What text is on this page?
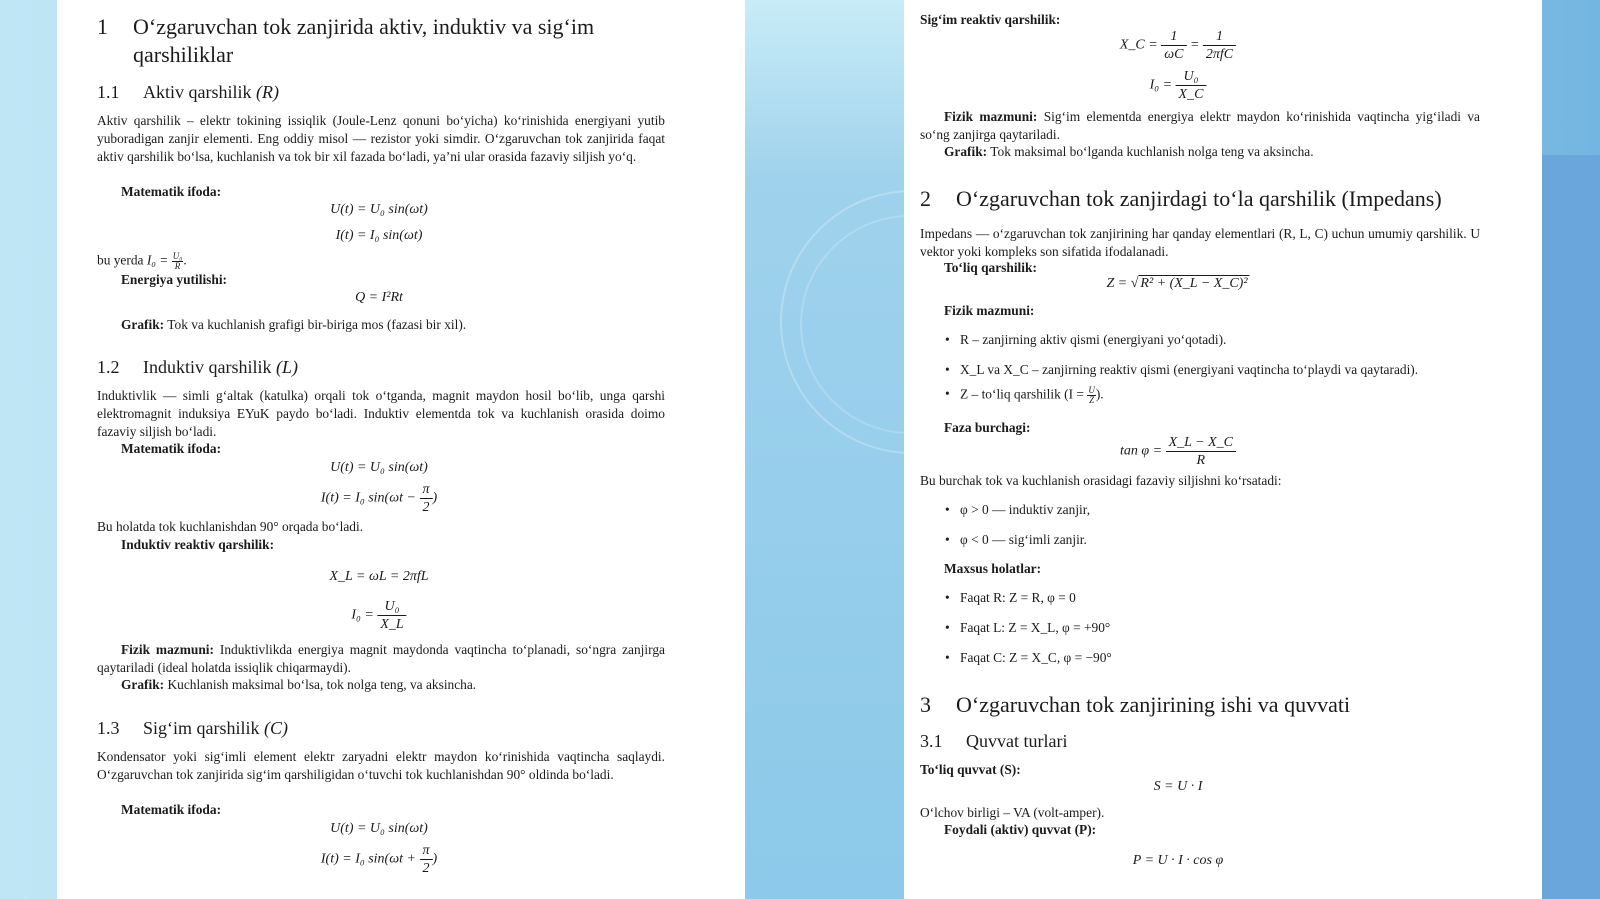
1 O‘zgaruvchan tok zanjirida aktiv, induktiv va sig‘im
qarshiliklar
1.1 Aktiv qarshilik (R)
Aktiv qarshilik – elektr tokining issiqlik (Joule-Lenz qonuni bo‘yicha) ko‘rinishida energiyani yutib yuboradigan zanjir elementi. Eng oddiy misol — rezistor yoki simdir. O‘zgaruvchan tok zanjirida faqat aktiv qarshilik bo‘lsa, kuchlanish va tok bir xil fazada bo‘ladi, ya’ni ular orasida fazaviy siljish yo‘q.
Matematik ifoda:
U(t) = U₀ sin(ωt)
I(t) = I₀ sin(ωt)
bu yerda $I_0 = \frac{\text{U₀}}{R}$ .
Energiya yutilishi:
Q = I²Rt
Grafik: Tok va kuchlanish grafigi bir-biriga mos (fazasi bir xil).
1.2 Induktiv qarshilik (L)
Induktivlik — simli g‘altak (katulka) orqali tok o‘tganda, magnit maydon hosil bo‘lib, unga qarshi elektromagnit induksiya EYuK paydo bo‘ladi. Induktiv elementda tok va kuchlanish orasida doimo fazaviy siljish bo‘ladi.
Matematik ifoda:
U(t) = U₀ sin(ωt)
I(t) = I₀ $\sin(\omega t - \frac{\pi}{2}$ )
Bu holatda tok kuchlanishdan 90° orqada bo‘ladi.
Induktiv reaktiv qarshilik:
X_L = ωL = 2πfL
$I_0 = \frac{\text{U₀}}{X\_L}$
Fizik mazmuni: Induktivlikda energiya magnit maydonda vaqtincha to‘planadi, so‘ngra zanjirga qaytariladi (ideal holatda issiqlik chiqarmaydi).
Grafik: Kuchlanish maksimal bo‘lsa, tok nolga teng, va aksincha.
1.3 Sig‘im qarshilik (C)
Kondensator yoki sig‘imli element elektr zaryadni elektr maydon ko‘rinishida vaqtincha saqlaydi. O‘zgaruvchan tok zanjirida sig‘im qarshiligidan o‘tuvchi tok kuchlanishdan 90° oldinda bo‘ladi.
Matematik ifoda:
U(t) = U₀ sin(ωt)
I(t) = I₀ $\sin(\omega t + \frac{\pi}{2}$ )
Sig‘im reaktiv qarshilik:
X_C = $\frac{1}{\omega C} = \frac{1}{\text{2πfC}}$
$I_0 = \frac{\text{U₀}}{X\_C}$
Fizik mazmuni: Sig‘im elementda energiya elektr maydon ko‘rinishida vaqtincha yig‘iladi va so‘ng zanjirga qaytariladi.
Grafik: Tok maksimal bo‘lganda kuchlanish nolga teng va aksincha.
2 O‘zgaruvchan tok zanjirdagi to‘la qarshilik (Impedans)
Impedans — o‘zgaruvchan tok zanjirining har qanday elementlari (R, L, C) uchun umumiy qarshilik. U vektor yoki kompleks son sifatida ifodalanadi.
To‘liq qarshilik:
Z = √ R² + (X_L − X_C)²
Fizik mazmuni:
• R – zanjirning aktiv qismi (energiyani yo‘qotadi).
• X_L va X_C – zanjirning reaktiv qismi (energiyani vaqtincha to‘playdi va qaytaradi).
• Z – to‘liq qarshilik ($I = \frac{U}{Z}$ ).
Faza burchagi:
$\tan \varphi = \frac{X\_L - X\_C}{R}$
Bu burchak tok va kuchlanish orasidagi fazaviy siljishni ko‘rsatadi:
• φ > 0 — induktiv zanjir,
• φ < 0 — sig‘imli zanjir.
Maxsus holatlar:
• Faqat R: Z = R, φ = 0
• Faqat L: Z = X_L, φ = +90°
• Faqat C: Z = X_C, φ = −90°
3 O‘zgaruvchan tok zanjirining ishi va quvvati
3.1 Quvvat turlari
To‘liq quvvat (S):
S = U · I
O‘lchov birligi – VA (volt-amper).
Foydali (aktiv) quvvat (P):
P = U · I · cos φ
